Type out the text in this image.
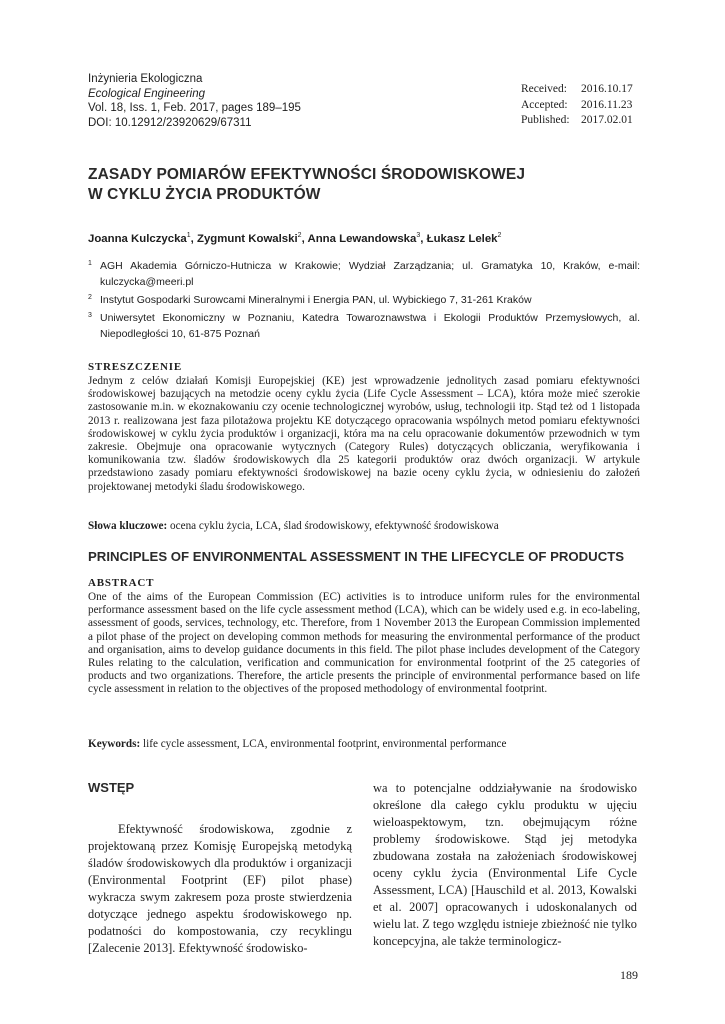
Inżynieria Ekologiczna
Ecological Engineering
Vol. 18, Iss. 1, Feb. 2017, pages 189–195
DOI: 10.12912/23920629/67311
Received:	2016.10.17
Accepted:	2016.11.23
Published: 2017.02.01
ZASADY POMIARÓW EFEKTYWNOŚCI ŚRODOWISKOWEJ
W CYKLU ŻYCIA PRODUKTÓW
Joanna Kulczycka$^1$, Zygmunt Kowalski$^2$, Anna Lewandowska$^3$, Łukasz Lelek$^2$
1 AGH Akademia Górniczo-Hutnicza w Krakowie; Wydział Zarządzania; ul. Gramatyka 10, Kraków, e-mail: kulczycka@meeri.pl
2 Instytut Gospodarki Surowcami Mineralnymi i Energia PAN, ul. Wybickiego 7, 31-261 Kraków
3 Uniwersytet Ekonomiczny w Poznaniu, Katedra Towaroznawstwa i Ekologii Produktów Przemysłowych, al. Niepodległości 10, 61-875 Poznań
STRESZCZENIE
Jednym z celów działań Komisji Europejskiej (KE) jest wprowadzenie jednolitych zasad pomiaru efektywności środowiskowej bazujących na metodzie oceny cyklu życia (Life Cycle Assessment – LCA), która może mieć szerokie zastosowanie m.in. w ekoznakowaniu czy ocenie technologicznej wyrobów, usług, technologii itp. Stąd też od 1 listopada 2013 r. realizowana jest faza pilotażowa projektu KE dotyczącego opracowania wspólnych metod pomiaru efektywności środowiskowej w cyklu życia produktów i organizacji, która ma na celu opracowanie dokumentów przewodnich w tym zakresie. Obejmuje ona opracowanie wytycznych (Category Rules) dotyczących obliczania, weryfikowania i komunikowania tzw. śladów środowiskowych dla 25 kategorii produktów oraz dwóch organizacji. W artykule przedstawiono zasady pomiaru efektywności środowiskowej na bazie oceny cyklu życia, w odniesieniu do założeń projektowanej metodyki śladu środowiskowego.
Słowa kluczowe: ocena cyklu życia, LCA, ślad środowiskowy, efektywność środowiskowa
PRINCIPLES OF ENVIRONMENTAL ASSESSMENT IN THE LIFECYCLE OF PRODUCTS
ABSTRACT
One of the aims of the European Commission (EC) activities is to introduce uniform rules for the environmental performance assessment based on the life cycle assessment method (LCA), which can be widely used e.g. in eco-labeling, assessment of goods, services, technology, etc. Therefore, from 1 November 2013 the European Commission implemented a pilot phase of the project on developing common methods for measuring the environmental performance of the product and organisation, aims to develop guidance documents in this field. The pilot phase includes development of the Category Rules relating to the calculation, verification and communication for environmental footprint of the 25 categories of products and two organizations. Therefore, the article presents the principle of environmental performance based on life cycle assessment in relation to the objectives of the proposed methodology of environmental footprint.
Keywords: life cycle assessment, LCA, environmental footprint, environmental performance
WSTĘP
Efektywność środowiskowa, zgodnie z projektowaną przez Komisję Europejską metodyką śladów środowiskowych dla produktów i organizacji (Environmental Footprint (EF) pilot phase) wykracza swym zakresem poza proste stwierdzenia dotyczące jednego aspektu środowiskowego np. podatności do kompostowania, czy recyklingu [Zalecenie 2013]. Efektywność środowisko-
wa to potencjalne oddziaływanie na środowisko określone dla całego cyklu produktu w ujęciu wieloaspektowym, tzn. obejmującym różne problemy środowiskowe. Stąd jej metodyka zbudowana została na założeniach środowiskowej oceny cyklu życia (Environmental Life Cycle Assessment, LCA) [Hauschild et al. 2013, Kowalski et al. 2007] opracowanych i udoskonalanych od wielu lat. Z tego względu istnieje zbieżność nie tylko koncepcyjna, ale także terminologicz-
189
